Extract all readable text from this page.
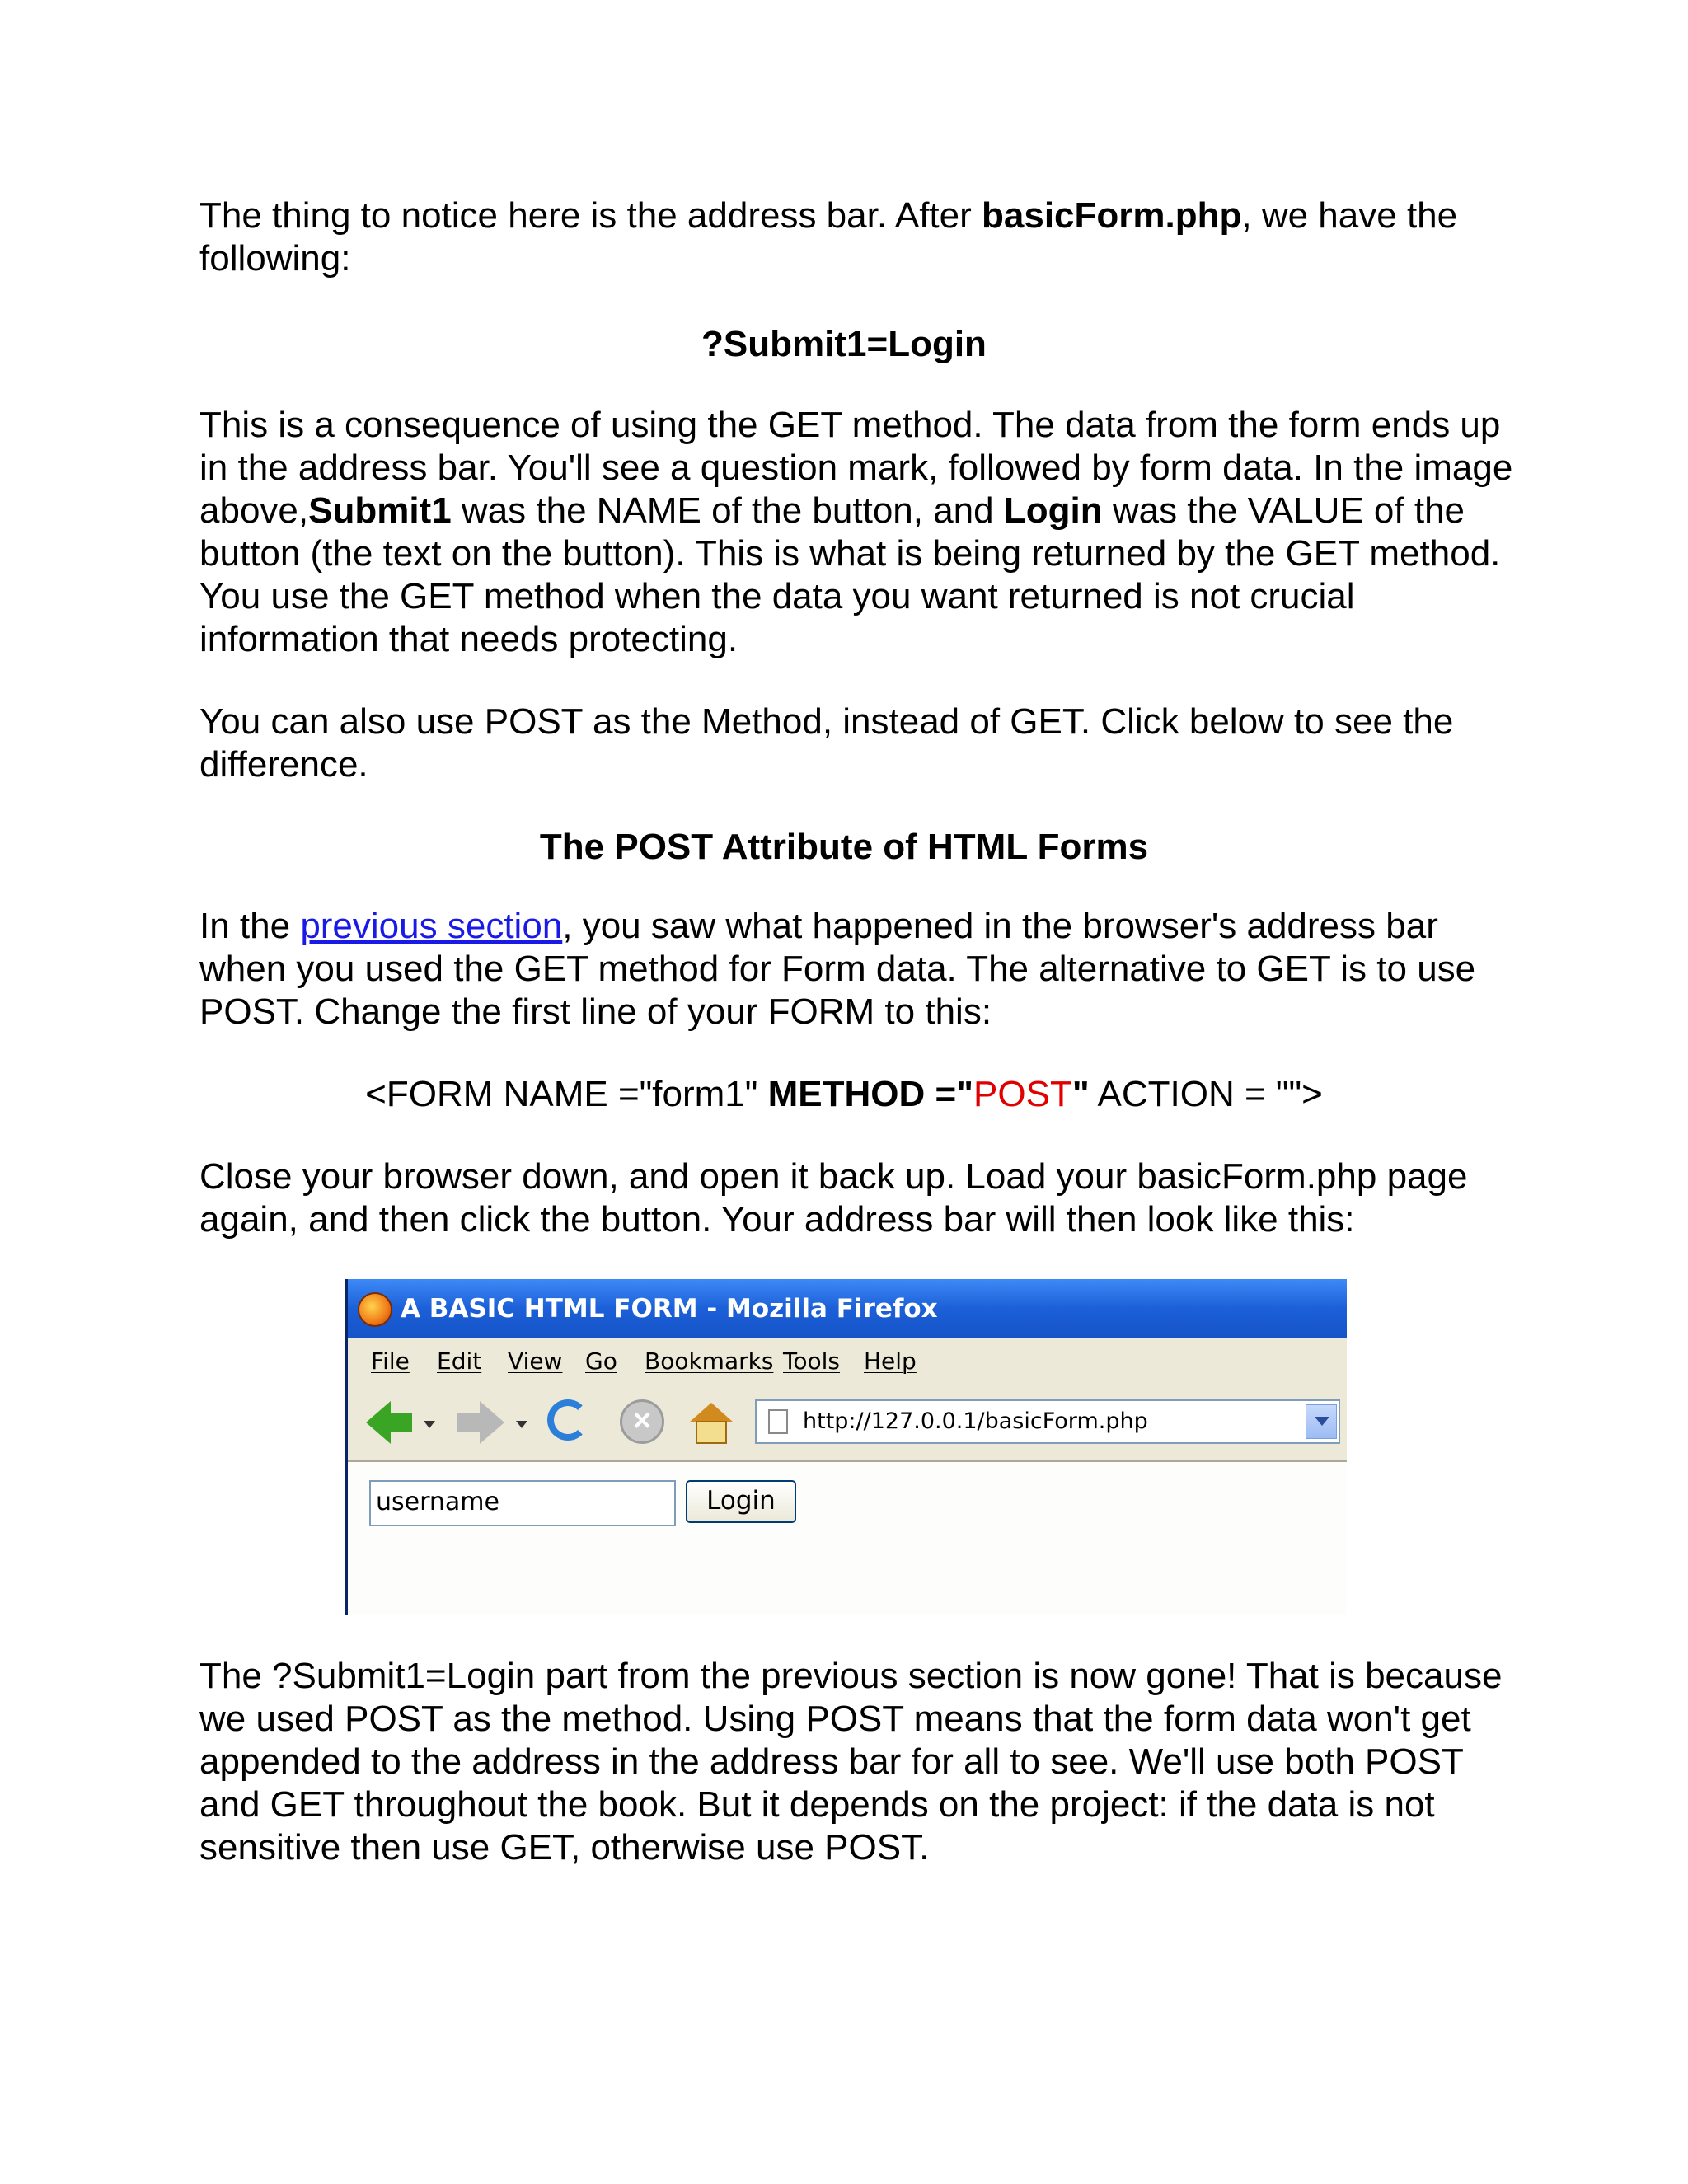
The thing to notice here is the address bar. After basicForm.php, we have the following:

?Submit1=Login

This is a consequence of using the GET method. The data from the form ends up in the address bar. You'll see a question mark, followed by form data. In the image above,Submit1 was the NAME of the button, and Login was the VALUE of the button (the text on the button). This is what is being returned by the GET method. You use the GET method when the data you want returned is not crucial information that needs protecting.

You can also use POST as the Method, instead of GET. Click below to see the difference.

The POST Attribute of HTML Forms

In the previous section, you saw what happened in the browser's address bar when you used the GET method for Form data. The alternative to GET is to use POST. Change the first line of your FORM to this:

<FORM NAME ="form1" METHOD ="POST" ACTION = "">

Close your browser down, and open it back up. Load your basicForm.php page again, and then click the button. Your address bar will then look like this:

A BASIC HTML FORM - Mozilla Firefox
File Edit View Go Bookmarks Tools Help
×	http://127.0.0.1/basicForm.php
username	Login

The ?Submit1=Login part from the previous section is now gone! That is because we used POST as the method. Using POST means that the form data won't get appended to the address in the address bar for all to see. We'll use both POST and GET throughout the book. But it depends on the project: if the data is not sensitive then use GET, otherwise use POST.
